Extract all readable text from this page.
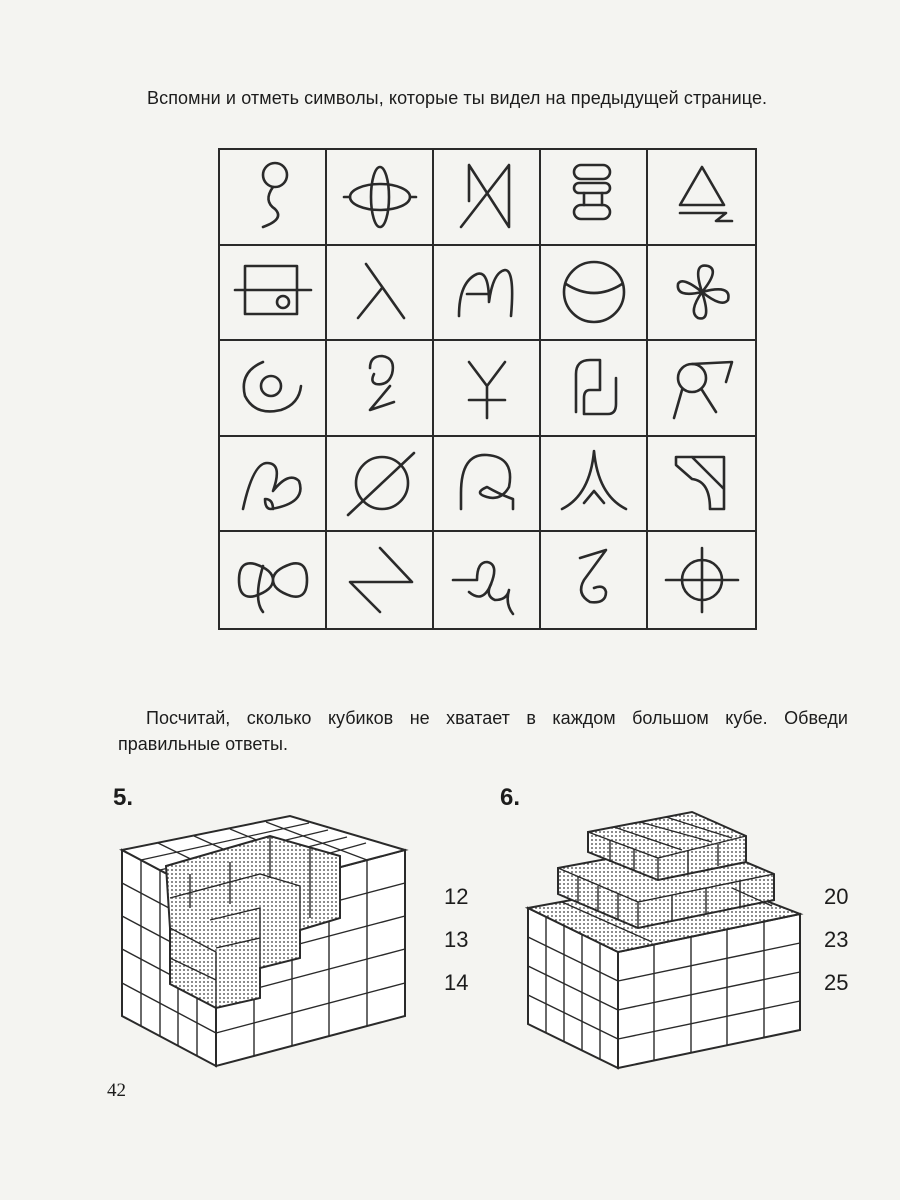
Вспомни и отметь символы, которые ты видел на предыдущей странице.
Посчитай, сколько кубиков не хватает в каждом большом кубе. Обведи правильные ответы.
5.
12
13
14
6.
20
23
25
42
